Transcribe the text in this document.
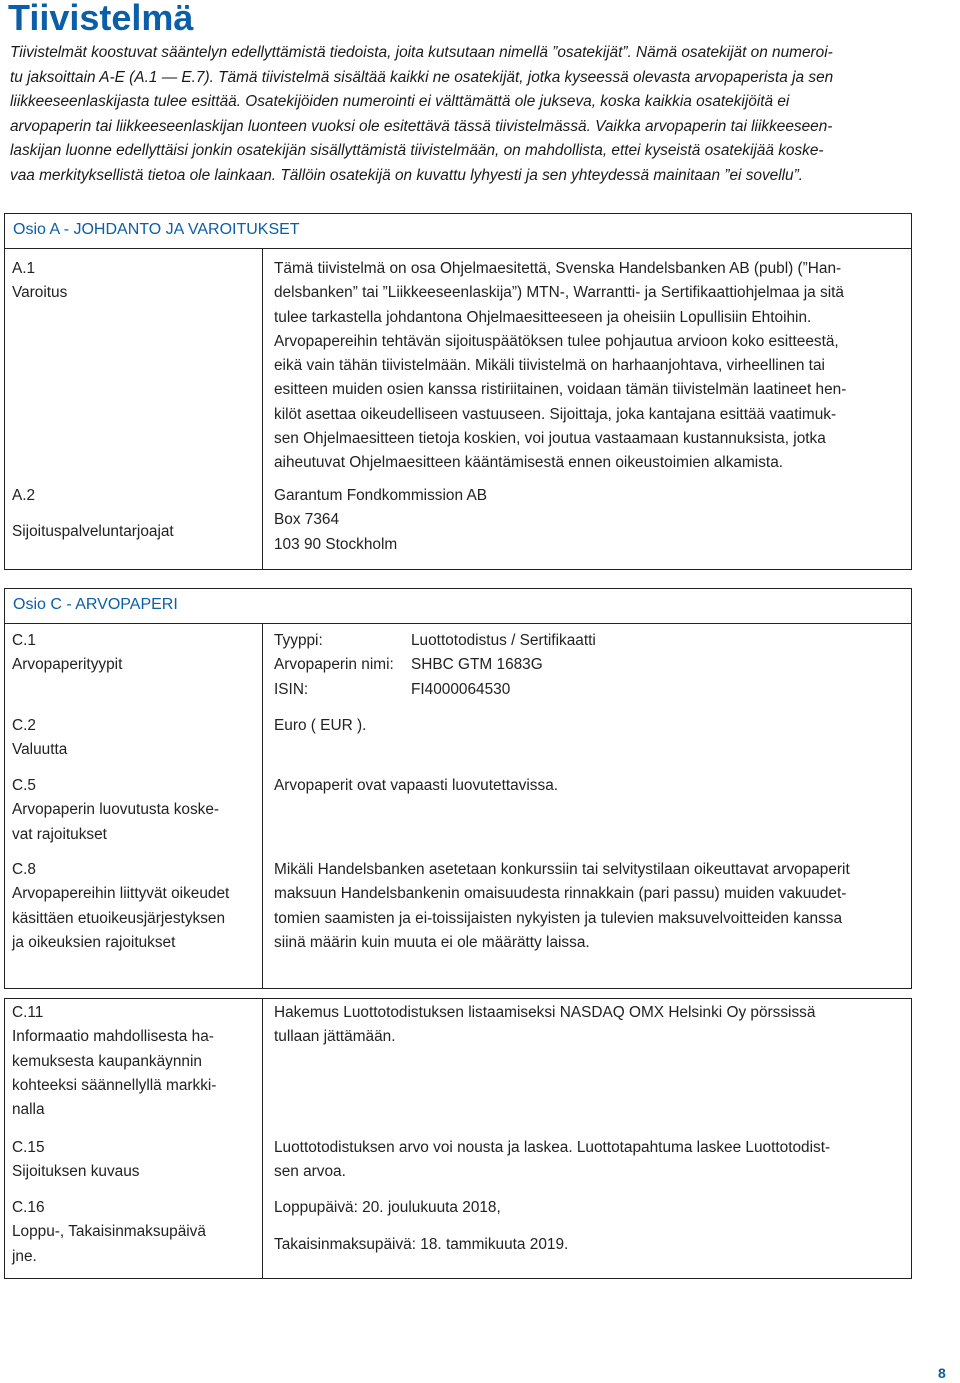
Tiivistelmä
Tiivistelmät koostuvat sääntelyn edellyttämistä tiedoista, joita kutsutaan nimellä ”osatekijät”. Nämä osatekijät on numeroi-
tu jaksoittain A-E (A.1 — E.7). Tämä tiivistelmä sisältää kaikki ne osatekijät, jotka kyseessä olevasta arvopaperista ja sen
liikkeeseenlaskijasta tulee esittää. Osatekijöiden numerointi ei välttämättä ole jukseva, koska kaikkia osatekijöitä ei
arvopaperin tai liikkeeseenlaskijan luonteen vuoksi ole esitettävä tässä tiivistelmässä. Vaikka arvopaperin tai liikkeeseen-
laskijan luonne edellyttäisi jonkin osatekijän sisällyttämistä tiivistelmään, on mahdollista, ettei kyseistä osatekijää koske-
vaa merkityksellistä tietoa ole lainkaan. Tällöin osatekijä on kuvattu lyhyesti ja sen yhteydessä mainitaan ”ei sovellu”.
Osio A - JOHDANTO JA VAROITUKSET
A.1
Varoitus
Tämä tiivistelmä on osa Ohjelmaesitettä, Svenska Handelsbanken AB (publ) (”Han-
delsbanken” tai ”Liikkeeseenlaskija”) MTN-, Warrantti- ja Sertifikaattiohjelmaa ja sitä
tulee tarkastella johdantona Ohjelmaesitteeseen ja oheisiin Lopullisiin Ehtoihin.
Arvopapereihin tehtävän sijoituspäätöksen tulee pohjautua arvioon koko esitteestä,
eikä vain tähän tiivistelmään. Mikäli tiivistelmä on harhaanjohtava, virheellinen tai
esitteen muiden osien kanssa ristiriitainen, voidaan tämän tiivistelmän laatineet hen-
kilöt asettaa oikeudelliseen vastuuseen. Sijoittaja, joka kantajana esittää vaatimuk-
sen Ohjelmaesitteen tietoja koskien, voi joutua vastaamaan kustannuksista, jotka
aiheutuvat Ohjelmaesitteen kääntämisestä ennen oikeustoimien alkamista.
A.2
Sijoituspalveluntarjoajat
Garantum Fondkommission AB
Box 7364
103 90 Stockholm
Osio C - ARVOPAPERI
C.1
Arvopaperityypit
Tyyppi:	Luottotodistus / Sertifikaatti
Arvopaperin nimi: SHBC GTM 1683G
ISIN:	FI4000064530
C.2
Valuutta
Euro ( EUR ).
C.5
Arvopaperin luovutusta koske-
vat rajoitukset
Arvopaperit ovat vapaasti luovutettavissa.
C.8
Arvopapereihin liittyvät oikeudet
käsittäen etuoikeusjärjestyksen
ja oikeuksien rajoitukset
Mikäli Handelsbanken asetetaan konkurssiin tai selvitystilaan oikeuttavat arvopaperit
maksuun Handelsbankenin omaisuudesta rinnakkain (pari passu) muiden vakuudet-
tomien saamisten ja ei-toissijaisten nykyisten ja tulevien maksuvelvoitteiden kanssa
siinä määrin kuin muuta ei ole määrätty laissa.
C.11
Informaatio mahdollisesta ha-
kemuksesta kaupankäynnin
kohteeksi säännellyllä markki-
nalla
Hakemus Luottotodistuksen listaamiseksi NASDAQ OMX Helsinki Oy pörssissä
tullaan jättämään.
C.15
Sijoituksen kuvaus
Luottotodistuksen arvo voi nousta ja laskea. Luottotapahtuma laskee Luottotodist-
sen arvoa.
C.16
Loppu-, Takaisinmaksupäivä
jne.
Loppupäivä: 20. joulukuuta 2018,
Takaisinmaksupäivä: 18. tammikuuta 2019.
8
